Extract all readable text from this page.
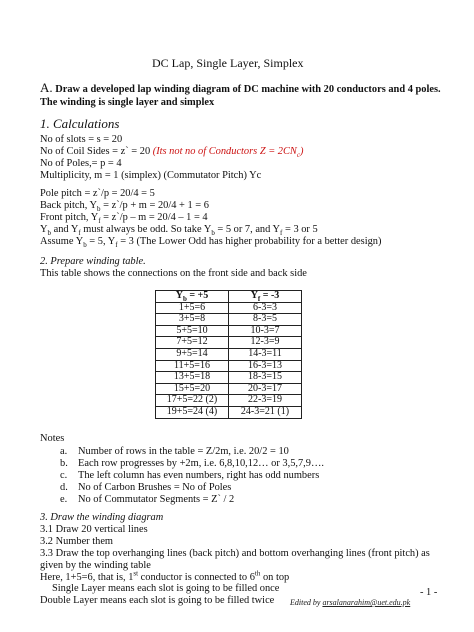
DC Lap, Single Layer, Simplex
A. Draw a developed lap winding diagram of DC machine with 20 conductors and 4 poles.
The winding is single layer and simplex
1. Calculations
No of slots = s = 20
No of Coil Sides = z` = 20 (Its not no of Conductors $Z = 2CN_c$)
No of Poles,= p = 4
Multiplicity, m = 1 (simplex) (Commutator Pitch) Yc
Pole pitch = z`/p = 20/4 = 5
Back pitch, $Y_b$ = z`/p + m = 20/4 + 1 = 6
Front pitch, $Y_f$ = z`/p – m = 20/4 – 1 = 4
$Y_b$ and $Y_f$ must always be odd. So take $Y_b = 5$ or 7, and $Y_f = 3$ or 5
Assume $Y_b = 5$, $Y_f = 3$ (The Lower Odd has higher probability for a better design)
2. Prepare winding table.
This table shows the connections on the front side and back side
$Y_b = +5$	$Y_f = -3$
1+5=6	6-3=3
3+5=8	8-3=5
5+5=10	10-3=7
7+5=12	12-3=9
9+5=14	14-3=11
11+5=16	16-3=13
13+5=18	18-3=15
15+5=20	20-3=17
17+5=22 (2)	22-3=19
19+5=24 (4)	24-3=21 (1)
Notes
a. Number of rows in the table = Z/2m, i.e. 20/2 = 10
b. Each row progresses by +2m, i.e. 6,8,10,12… or 3,5,7,9….
c. The left column has even numbers, right has odd numbers
d. No of Carbon Brushes = No of Poles
e. No of Commutator Segments = Z` / 2
3. Draw the winding diagram
3.1 Draw 20 vertical lines
3.2 Number them
3.3 Draw the top overhanging lines (back pitch) and bottom overhanging lines (front pitch) as
given by the winding table
Here, 1+5=6, that is, 1st conductor is connected to 6th on top
Single Layer means each slot is going to be filled once
Double Layer means each slot is going to be filled twice Edited by arsalanarahim@uet.edu.pk
- 1 -
